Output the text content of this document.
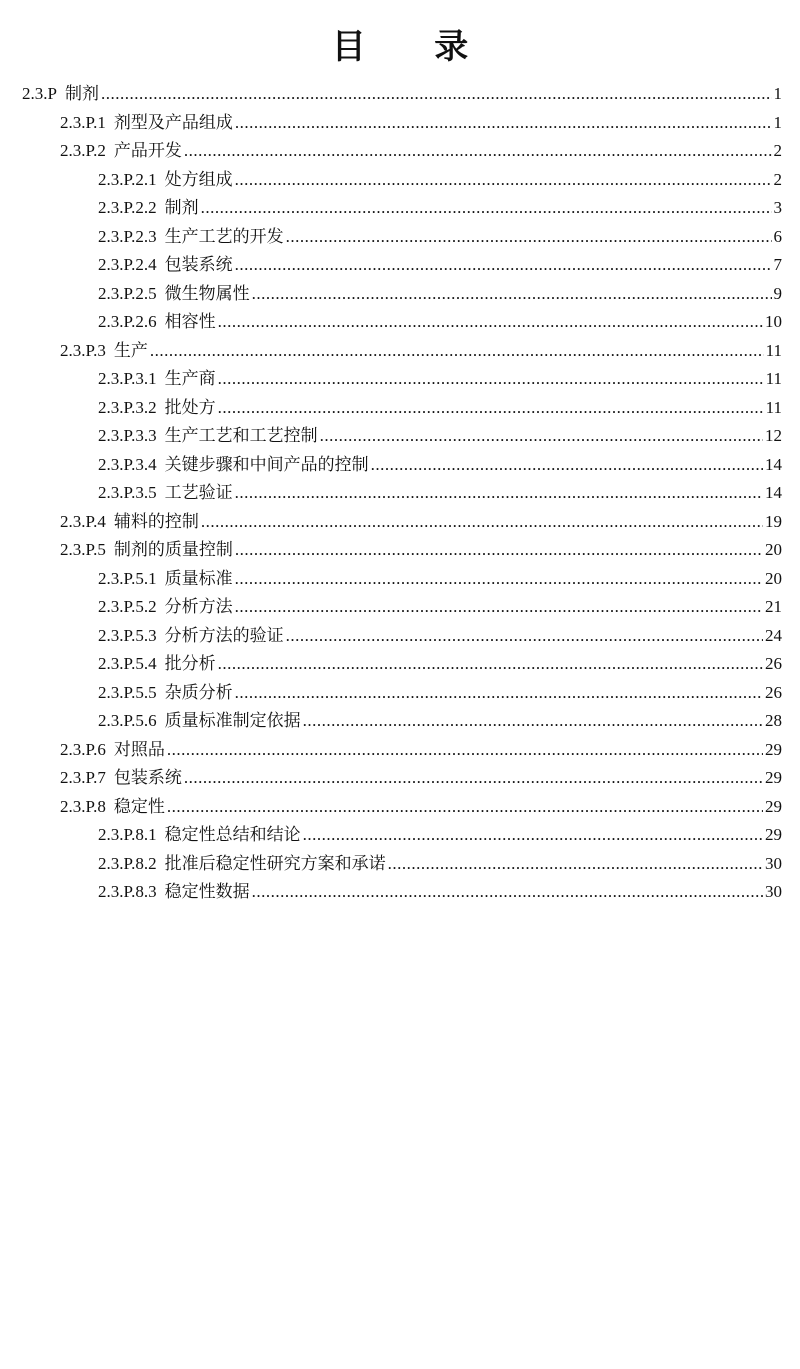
目 录
2.3.P 制剂 .....	1
2.3.P.1 剂型及产品组成 .....	1
2.3.P.2 产品开发 .....	2
2.3.P.2.1 处方组成 .....	2
2.3.P.2.2 制剂 .....	3
2.3.P.2.3 生产工艺的开发 .....	6
2.3.P.2.4 包装系统 .....	7
2.3.P.2.5 微生物属性 .....	9
2.3.P.2.6 相容性 .....	10
2.3.P.3 生产 .....	11
2.3.P.3.1 生产商 .....	11
2.3.P.3.2 批处方 .....	11
2.3.P.3.3 生产工艺和工艺控制 .....	12
2.3.P.3.4 关键步骤和中间产品的控制 .....	14
2.3.P.3.5 工艺验证 .....	14
2.3.P.4 辅料的控制 .....	19
2.3.P.5 制剂的质量控制 .....	20
2.3.P.5.1 质量标准 .....	20
2.3.P.5.2 分析方法 .....	21
2.3.P.5.3 分析方法的验证 .....	24
2.3.P.5.4 批分析 .....	26
2.3.P.5.5 杂质分析 .....	26
2.3.P.5.6 质量标准制定依据 .....	28
2.3.P.6 对照品 .....	29
2.3.P.7 包装系统 .....	29
2.3.P.8 稳定性 .....	29
2.3.P.8.1 稳定性总结和结论 .....	29
2.3.P.8.2 批准后稳定性研究方案和承诺 .....	30
2.3.P.8.3 稳定性数据 .....	30
